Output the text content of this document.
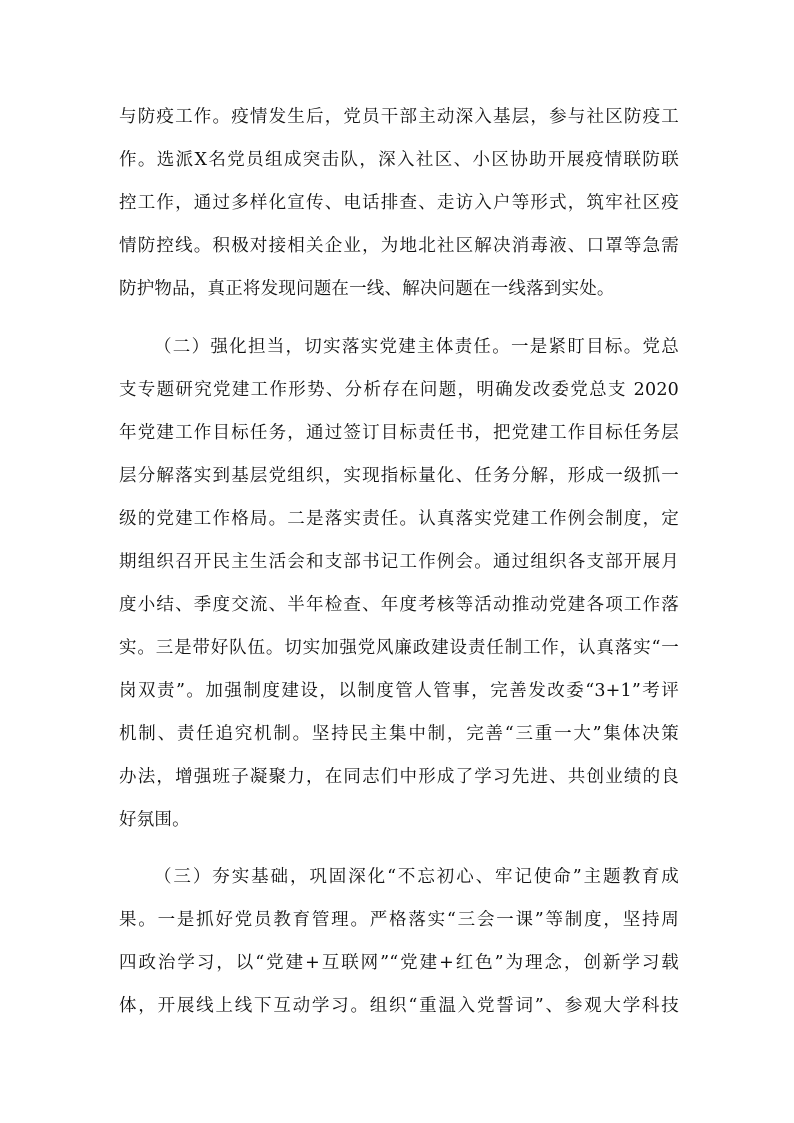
与防疫工作。疫情发生后，党员干部主动深入基层，参与社区防疫工
作。选派X名党员组成突击队，深入社区、小区协助开展疫情联防联
控工作，通过多样化宣传、电话排查、走访入户等形式，筑牢社区疫
情防控线。积极对接相关企业，为地北社区解决消毒液、口罩等急需
防护物品，真正将发现问题在一线、解决问题在一线落到实处。
（二）强化担当，切实落实党建主体责任。一是紧盯目标。党总
支专题研究党建工作形势、分析存在问题，明确发改委党总支 2020
年党建工作目标任务，通过签订目标责任书，把党建工作目标任务层
层分解落实到基层党组织，实现指标量化、任务分解，形成一级抓一
级的党建工作格局。二是落实责任。认真落实党建工作例会制度，定
期组织召开民主生活会和支部书记工作例会。通过组织各支部开展月
度小结、季度交流、半年检查、年度考核等活动推动党建各项工作落
实。三是带好队伍。切实加强党风廉政建设责任制工作，认真落实“一
岗双责”。加强制度建设，以制度管人管事，完善发改委“3+1”考评
机制、责任追究机制。坚持民主集中制，完善“三重一大”集体决策
办法，增强班子凝聚力，在同志们中形成了学习先进、共创业绩的良
好氛围。
（三）夯实基础，巩固深化“不忘初心、牢记使命”主题教育成
果。一是抓好党员教育管理。严格落实“三会一课”等制度，坚持周
四政治学习，以“党建+互联网”“党建+红色”为理念，创新学习载
体，开展线上线下互动学习。组织“重温入党誓词”、参观大学科技
